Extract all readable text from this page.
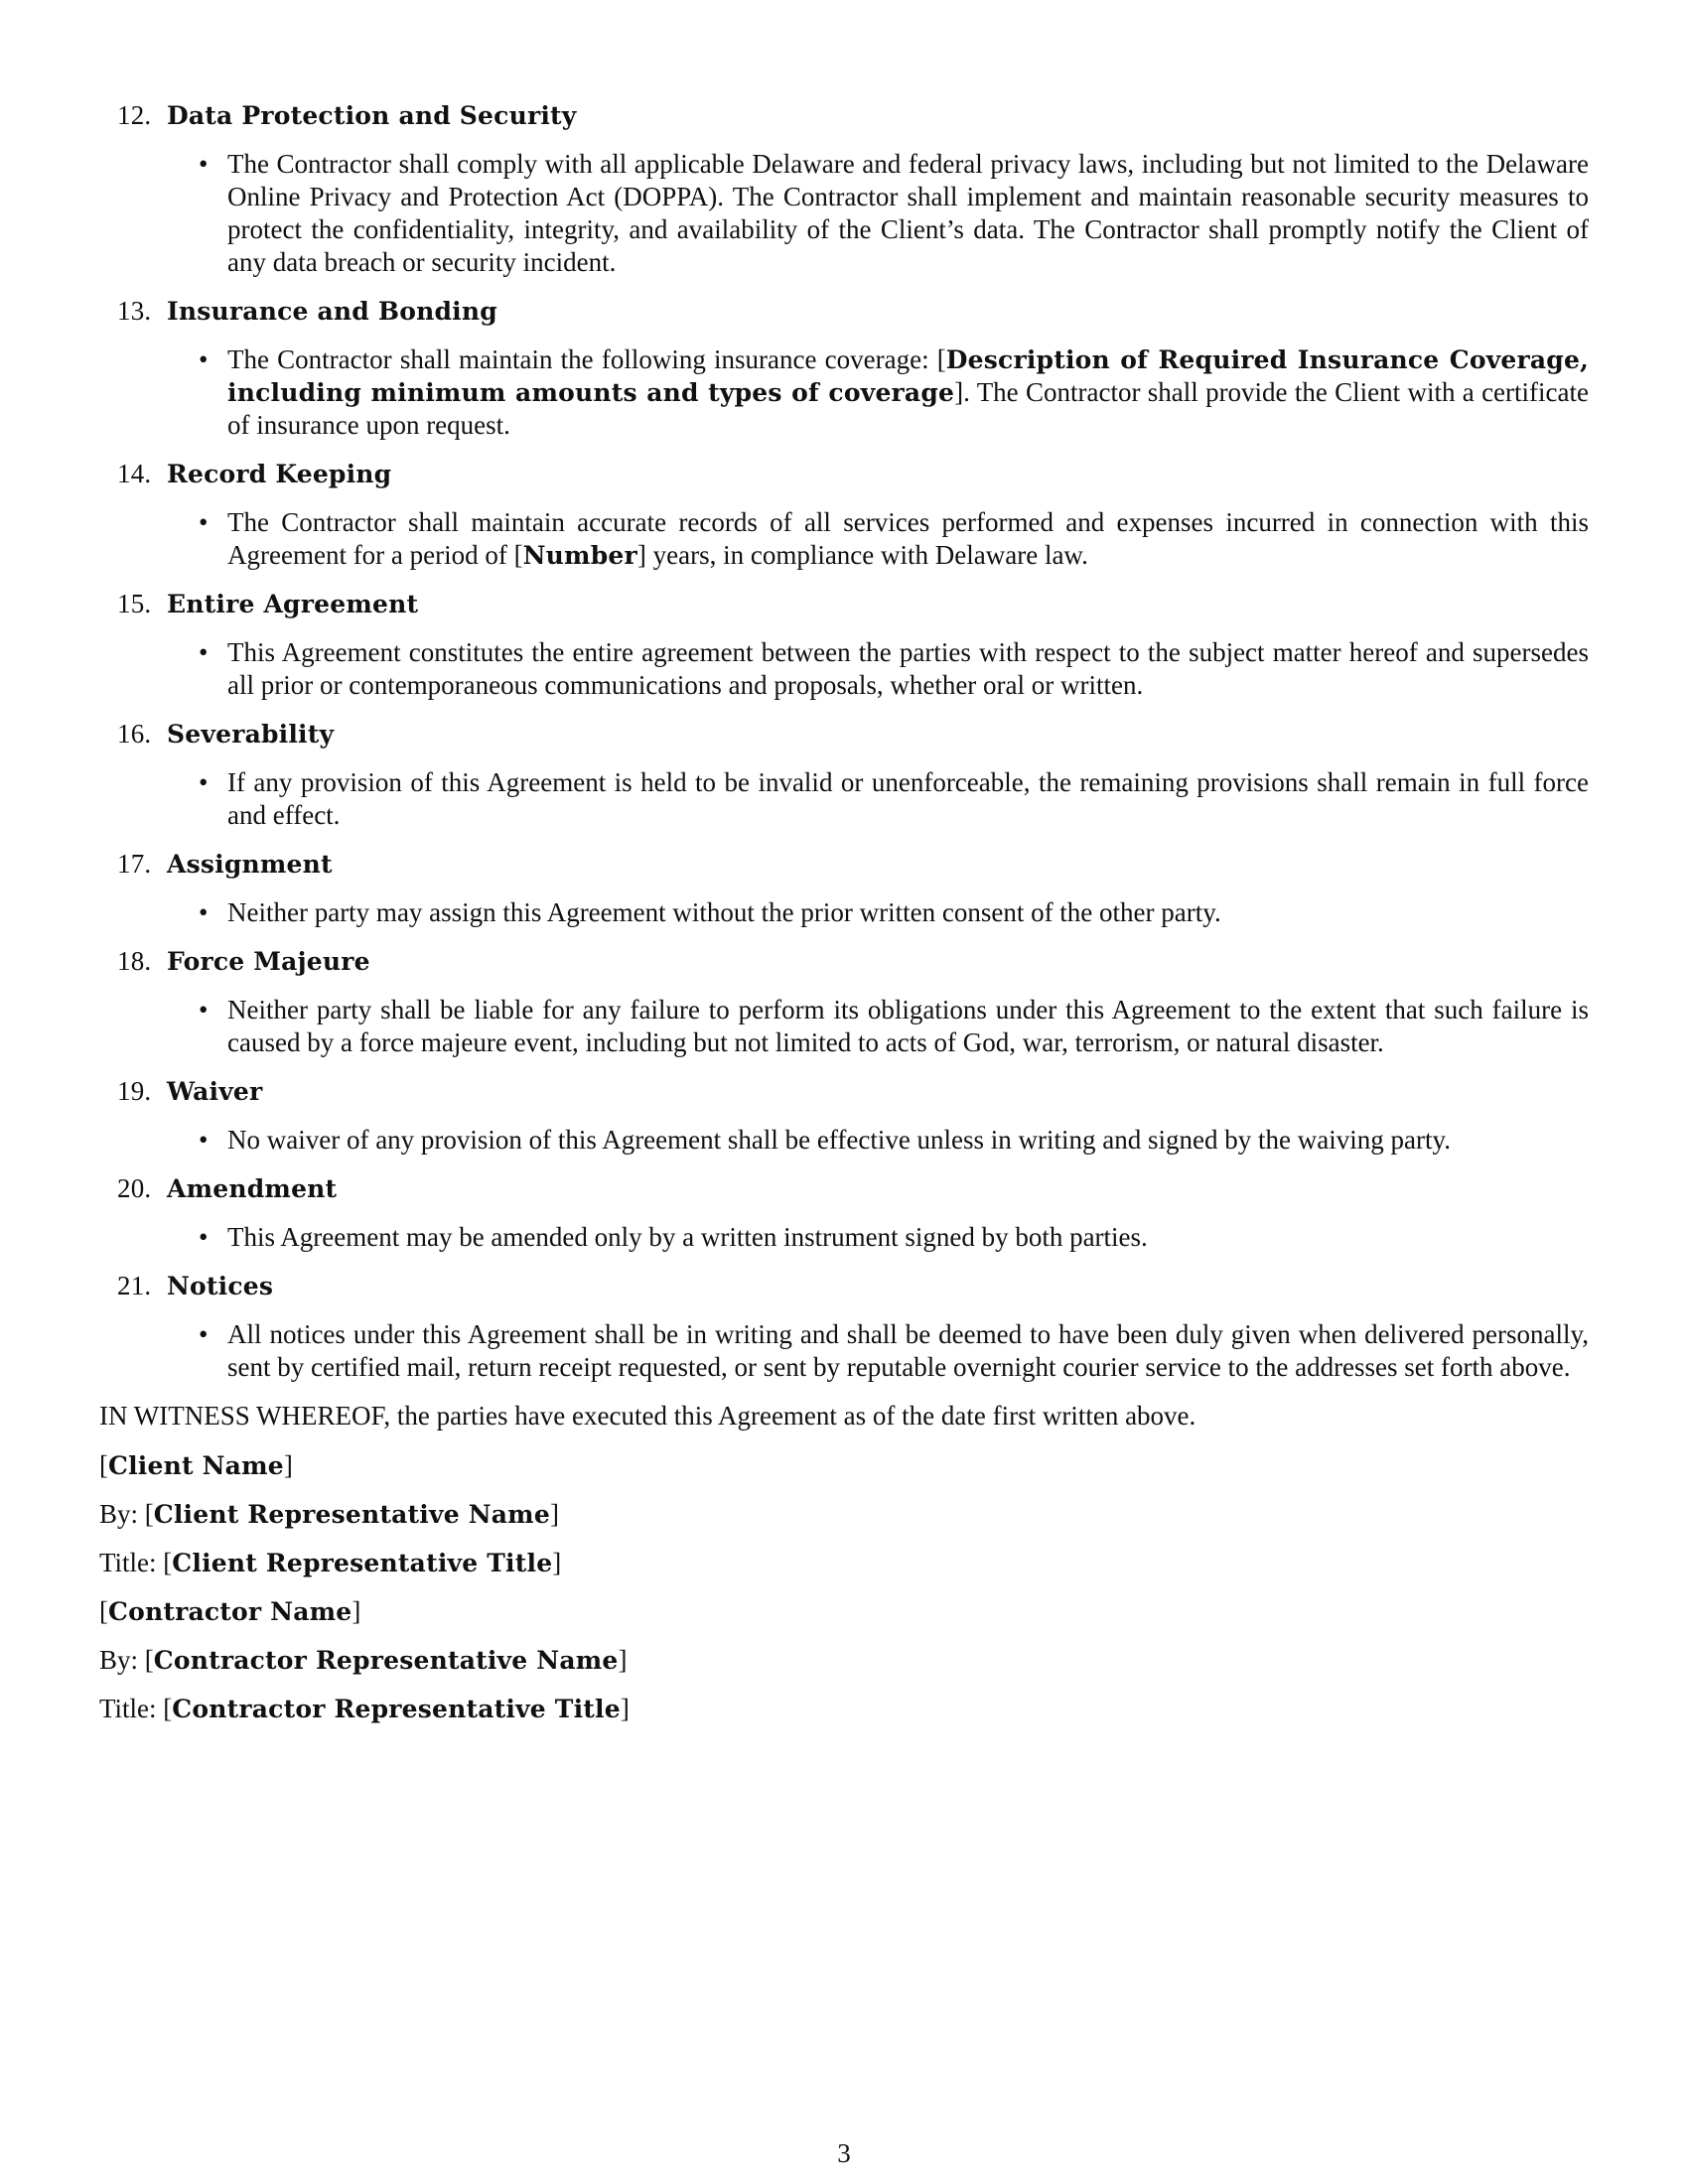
12. Data Protection and Security
• The Contractor shall comply with all applicable Delaware and federal privacy laws, including but not limited to the Delaware Online Privacy and Protection Act (DOPPA). The Contractor shall implement and maintain reasonable security measures to protect the confidentiality, integrity, and availability of the Client’s data. The Contractor shall promptly notify the Client of any data breach or security incident.
13. Insurance and Bonding
• The Contractor shall maintain the following insurance coverage: [Description of Required Insurance Coverage, including minimum amounts and types of coverage]. The Contractor shall provide the Client with a certificate of insurance upon request.
14. Record Keeping
• The Contractor shall maintain accurate records of all services performed and expenses incurred in connection with this Agreement for a period of [Number] years, in compliance with Delaware law.
15. Entire Agreement
• This Agreement constitutes the entire agreement between the parties with respect to the subject matter hereof and supersedes all prior or contemporaneous communications and proposals, whether oral or written.
16. Severability
• If any provision of this Agreement is held to be invalid or unenforceable, the remaining provisions shall remain in full force and effect.
17. Assignment
• Neither party may assign this Agreement without the prior written consent of the other party.
18. Force Majeure
• Neither party shall be liable for any failure to perform its obligations under this Agreement to the extent that such failure is caused by a force majeure event, including but not limited to acts of God, war, terrorism, or natural disaster.
19. Waiver
• No waiver of any provision of this Agreement shall be effective unless in writing and signed by the waiving party.
20. Amendment
• This Agreement may be amended only by a written instrument signed by both parties.
21. Notices
• All notices under this Agreement shall be in writing and shall be deemed to have been duly given when delivered personally, sent by certified mail, return receipt requested, or sent by reputable overnight courier service to the addresses set forth above.
IN WITNESS WHEREOF, the parties have executed this Agreement as of the date first written above.
[Client Name]
By: [Client Representative Name]
Title: [Client Representative Title]
[Contractor Name]
By: [Contractor Representative Name]
Title: [Contractor Representative Title]
3
